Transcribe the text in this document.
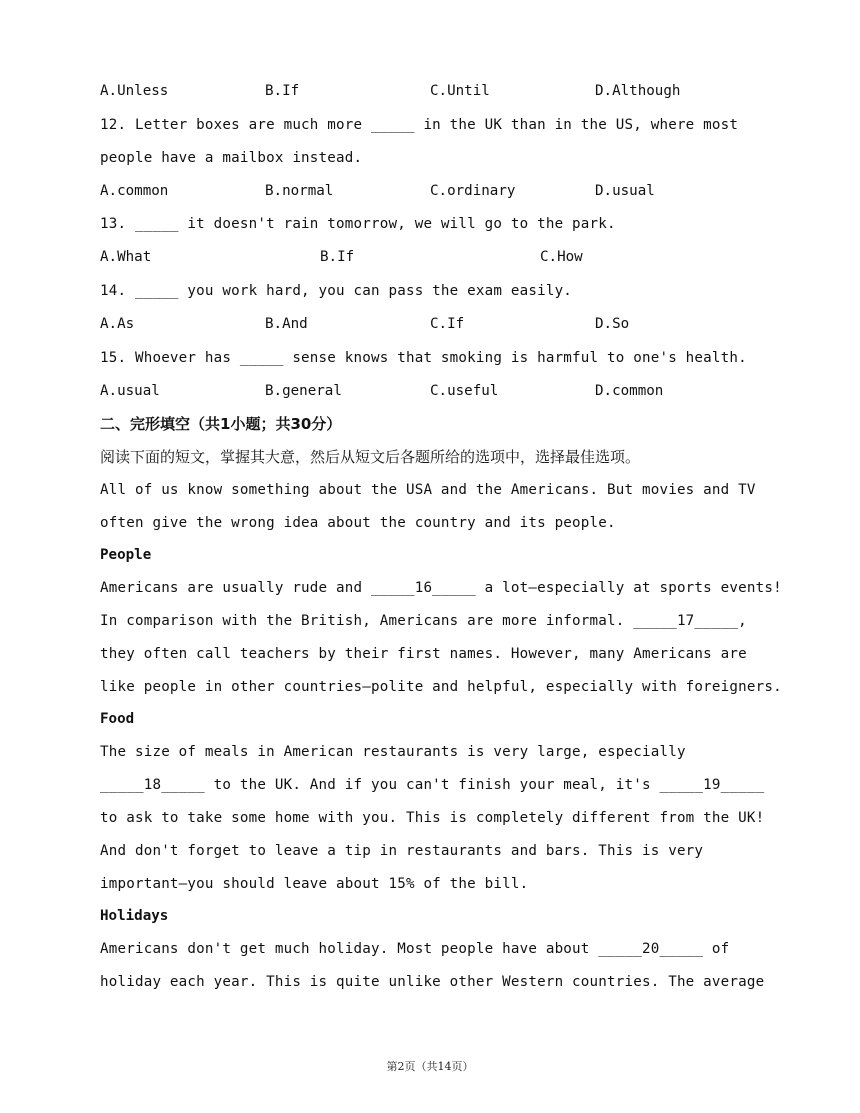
A.Unless	B.If	C.Until	D.Although
12. Letter boxes are much more _____ in the UK than in the US, where most
people have a mailbox instead.
A.common	B.normal	C.ordinary	D.usual
13. _____ it doesn't rain tomorrow, we will go to the park.
A.What	B.If	C.How
14. _____ you work hard, you can pass the exam easily.
A.As	B.And	C.If	D.So
15. Whoever has _____ sense knows that smoking is harmful to one's health.
A.usual	B.general	C.useful	D.common
二、完形填空（共1小题；共30分）
阅读下面的短文，掌握其大意，然后从短文后各题所给的选项中，选择最佳选项。
All of us know something about the USA and the Americans. But movies and TV
often give the wrong idea about the country and its people.
People
Americans are usually rude and _____16_____ a lot—especially at sports events!
In comparison with the British, Americans are more informal. _____17_____,
they often call teachers by their first names. However, many Americans are
like people in other countries—polite and helpful, especially with foreigners.
Food
The size of meals in American restaurants is very large, especially
_____18_____ to the UK. And if you can't finish your meal, it's _____19_____
to ask to take some home with you. This is completely different from the UK!
And don't forget to leave a tip in restaurants and bars. This is very
important—you should leave about 15% of the bill.
Holidays
Americans don't get much holiday. Most people have about _____20_____ of
holiday each year. This is quite unlike other Western countries. The average
第2页（共14页）
